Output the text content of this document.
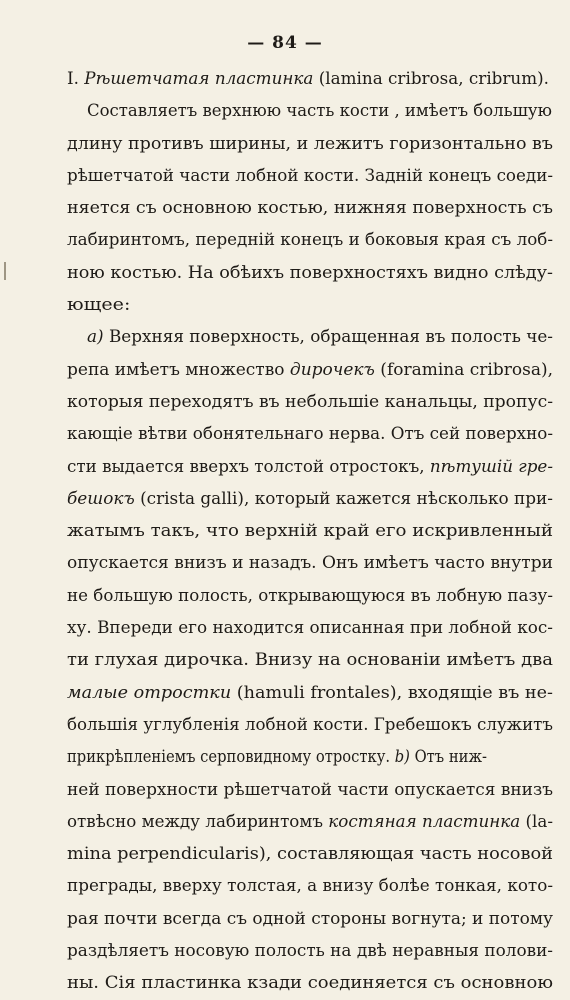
— 84 —
I. Рѣшетчатая пластинка (lamina cribrosa, cribrum).
Составляетъ верхнюю часть кости , имѣетъ большую
длину противъ ширины, и лежитъ горизонтально въ
рѣшетчатой части лобной кости. Задній конецъ соеди-
няется съ основною костью, нижняя поверхность съ
лабиринтомъ, передній конецъ и боковыя края съ лоб-
ною костью. На обѣихъ поверхностяхъ видно слѣду-
ющее:
a) Верхняя поверхность, обращенная въ полость че-
репа имѣетъ множество дирочекъ (foramina cribrosa),
которыя переходятъ въ небольшіе канальцы, пропус-
кающіе вѣтви обонятельнаго нерва. Отъ сей поверхно-
сти выдается вверхъ толстой отростокъ, пѣтушій гре-
бешокъ (crista galli), который кажется нѣсколько при-
жатымъ такъ, что верхній край его искривленный
опускается внизъ и назадъ. Онъ имѣетъ часто внутри
не большую полость, открывающуюся въ лобную пазу-
ху. Впереди его находится описанная при лобной кос-
ти глухая дирочка. Внизу на основаніи имѣетъ два
малые отростки (hamuli frontales), входящіе въ не-
большія углубленія лобной кости. Гребешокъ служитъ
прикрѣпленіемъ серповидному отростку. b) Отъ ниж-
ней поверхности рѣшетчатой части опускается внизъ
отвѣсно между лабиринтомъ костяная пластинка (la-
mina perpendicularis), составляющая часть носовой
преграды, вверху толстая, а внизу болѣе тонкая, кото-
рая почти всегда съ одной стороны вогнута; и потому
раздѣляетъ носовую полость на двѣ неравныя полови-
ны. Сія пластинка кзади соединяется съ основною
